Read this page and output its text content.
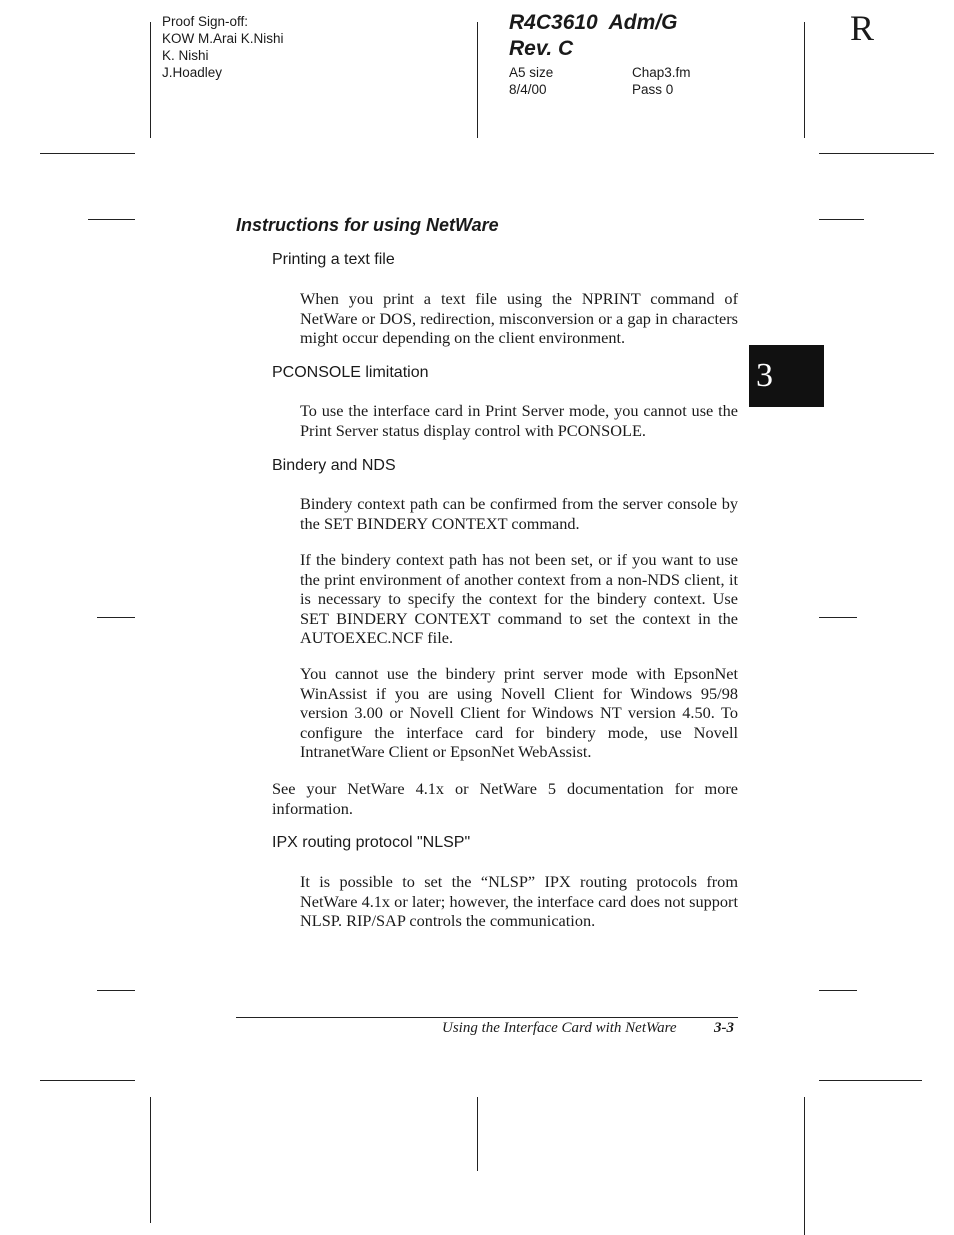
Proof Sign-off:
KOW M.Arai K.Nishi
K. Nishi
J.Hoadley
R4C3610  Adm/G
Rev. C
A5 size
8/4/00
Chap3.fm
Pass 0
R
3
Instructions for using NetWare
Printing a text file
When you print a text file using the NPRINT command of NetWare or DOS, redirection, misconversion or a gap in characters might occur depending on the client environment.
PCONSOLE limitation
To use the interface card in Print Server mode, you cannot use the Print Server status display control with PCONSOLE.
Bindery and NDS
Bindery context path can be confirmed from the server console by the SET BINDERY CONTEXT command.
If the bindery context path has not been set, or if you want to use the print environment of another context from a non-NDS client, it is necessary to specify the context for the bindery context. Use SET BINDERY CONTEXT command to set the context in the AUTOEXEC.NCF file.
You cannot use the bindery print server mode with EpsonNet WinAssist if you are using Novell Client for Windows 95/98 version 3.00 or Novell Client for Windows NT version 4.50. To configure the interface card for bindery mode, use Novell IntranetWare Client or EpsonNet WebAssist.
See your NetWare 4.1x or NetWare 5 documentation for more information.
IPX routing protocol "NLSP"
It is possible to set the “NLSP” IPX routing protocols from NetWare 4.1x or later; however, the interface card does not support NLSP. RIP/SAP controls the communication.
Using the Interface Card with NetWare 3-3
